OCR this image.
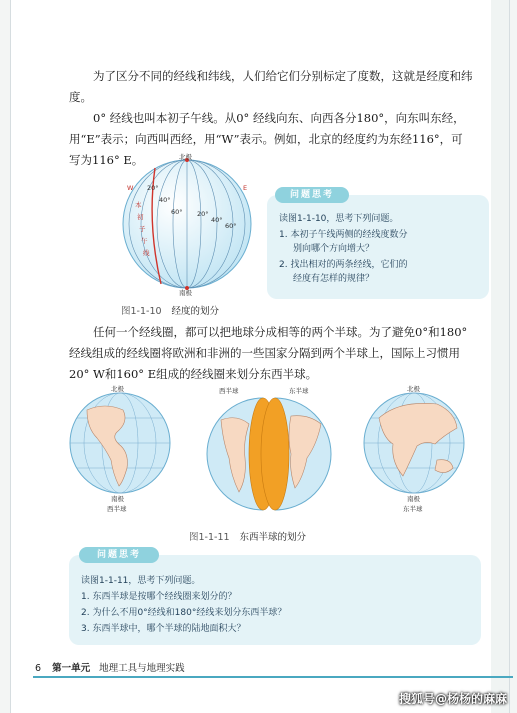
为了区分不同的经线和纬线，人们给它们分别标定了度数，这就是经度和纬度。

0° 经线也叫本初子午线。从0° 经线向东、向西各分180°，向东叫东经，用“E”表示；向西叫西经，用“W”表示。例如，北京的经度约为东经116°，可写为116° E。	北极
南极
本
初
子
午
线
W	E
20°
40°
60° 20°
40°
60°
图1-1-10 经度的划分
问题思考
读图1-1-10，思考下列问题。
1. 本初子午线两侧的经线度数分
别向哪个方向增大？
2. 找出相对的两条经线，它们的
经度有怎样的规律？

任何一个经线圈，都可以把地球分成相等的两个半球。为了避免0°和180°经线组成的经线圈将欧洲和非洲的一些国家分隔到两个半球上，国际上习惯用20° W和160° E组成的经线圈来划分东西半球。

北极
南极
西半球
西半球	东半球	北极
南极
东半球
图1-1-11 东西半球的划分
问题思考
读图1-1-11，思考下列问题。
1. 东西半球是按哪个经线圈来划分的？
2. 为什么不用0°经线和180°经线来划分东西半球？
3. 东西半球中，哪个半球的陆地面积大？
6 第一单元 地理工具与地理实践
搜狐号@杨杨的麻麻
